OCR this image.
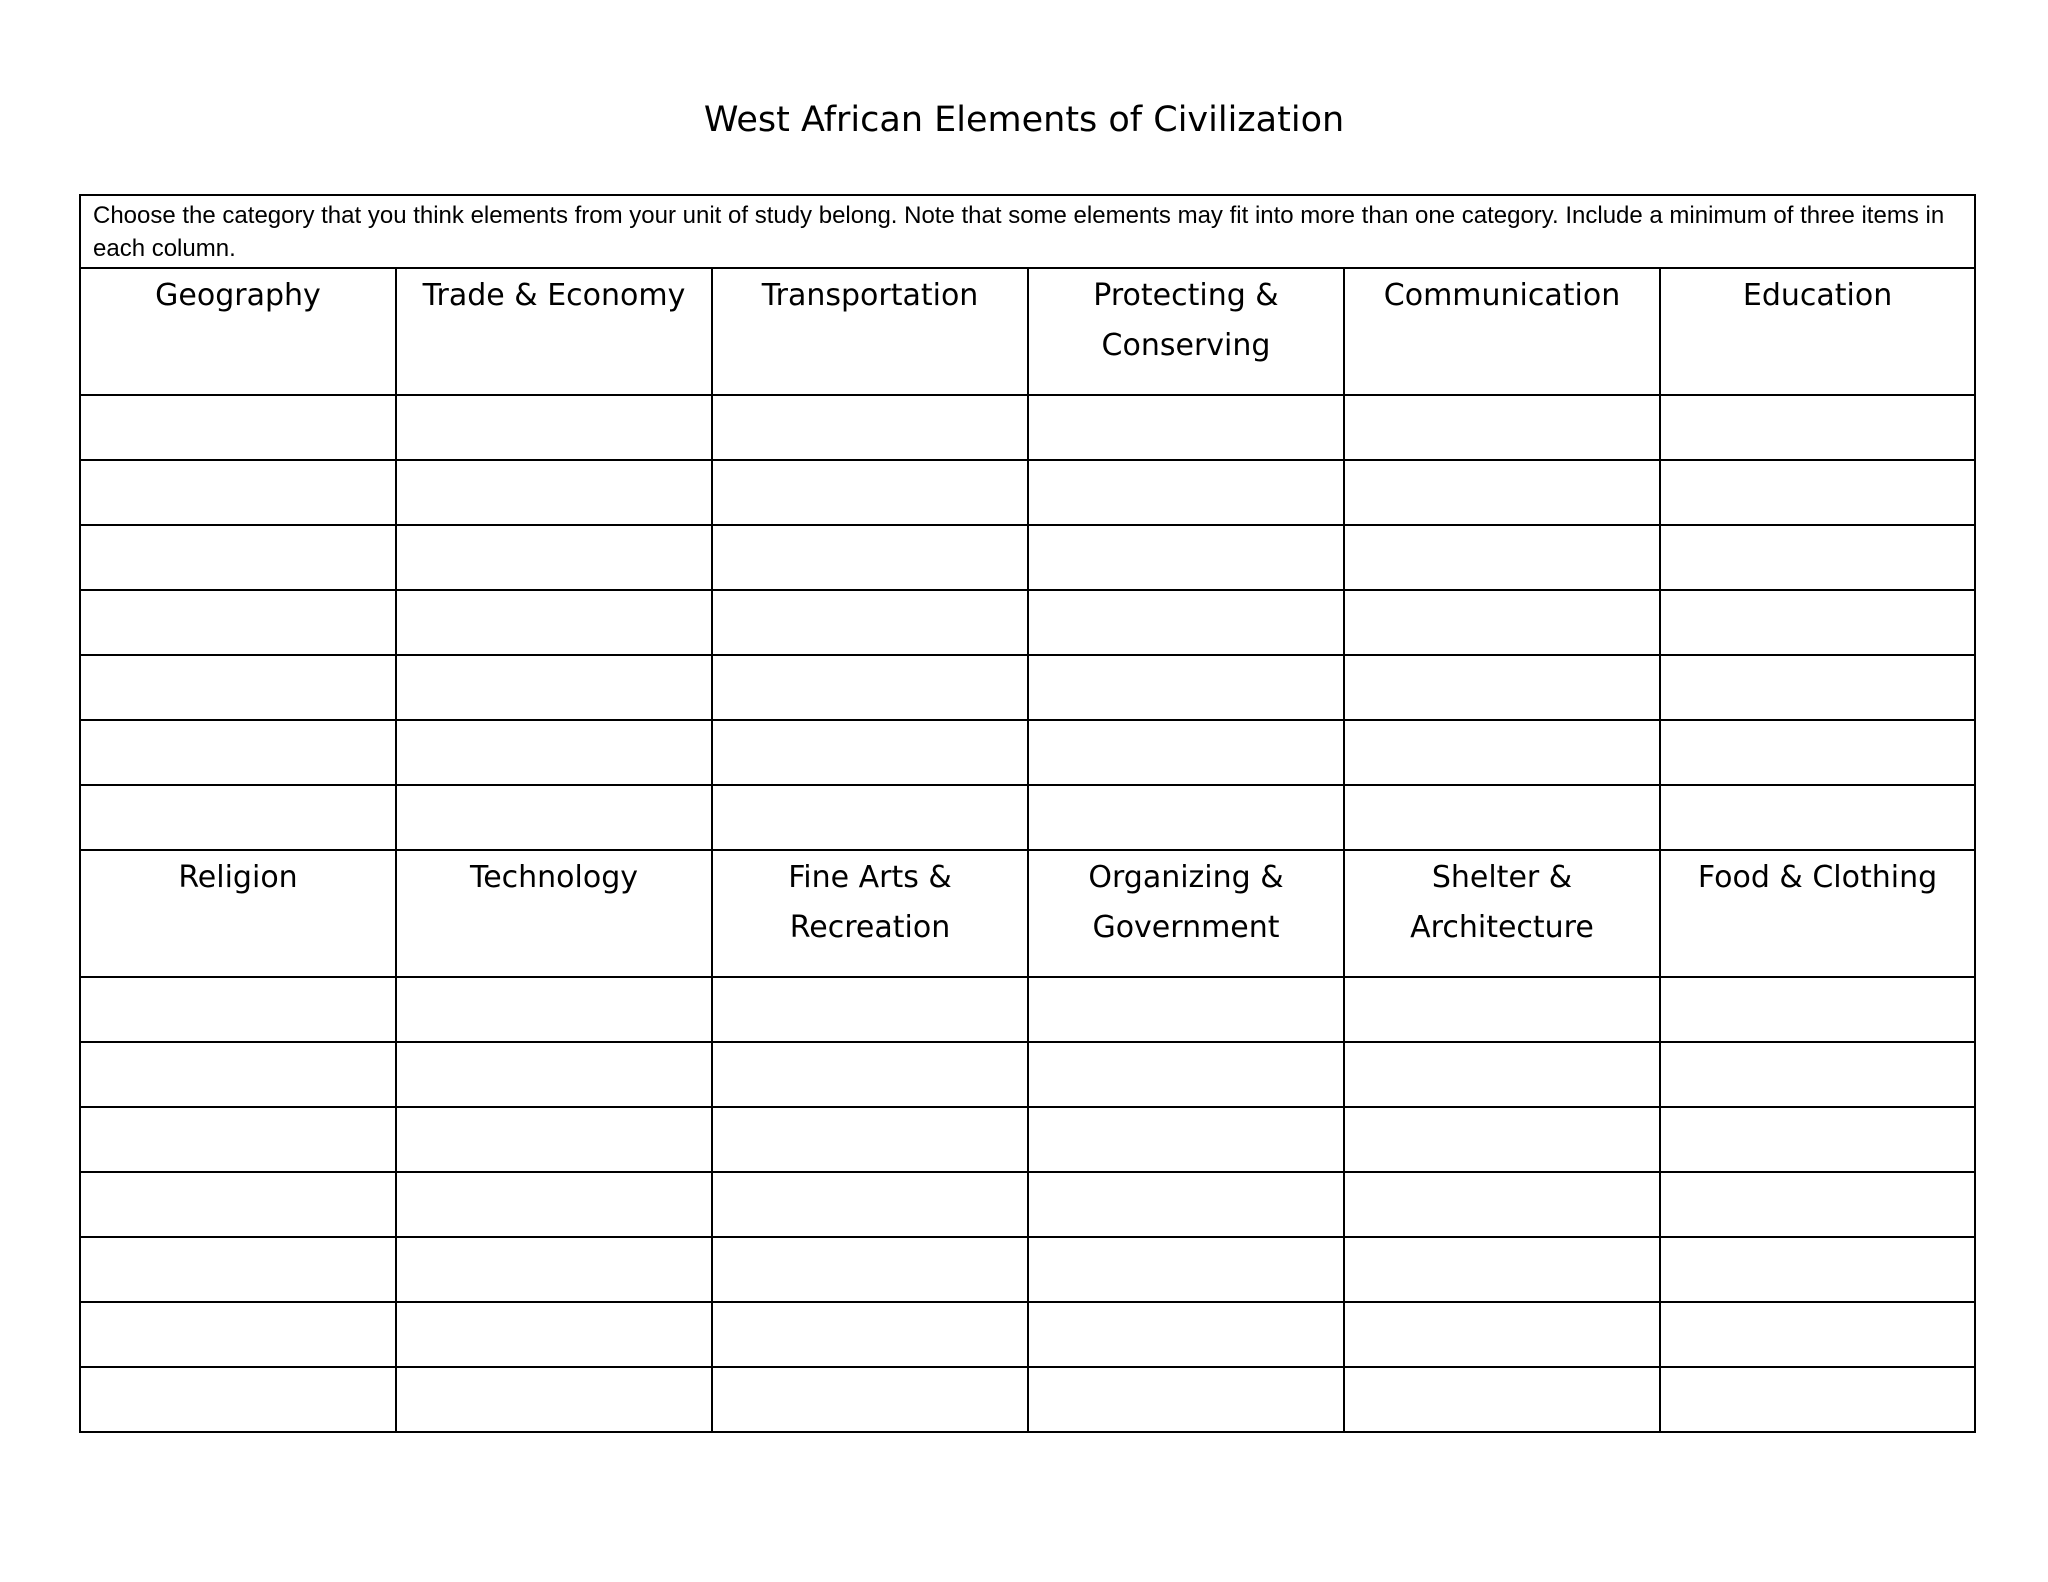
West African Elements of Civilization
Choose the category that you think elements from your unit of study belong. Note that some elements may fit into more than one category. Include a minimum of three items in each column.					
Geography	Trade & Economy	Transportation	Protecting & Conserving	Communication	Education

Religion	Technology	Fine Arts & Recreation	Organizing & Government	Shelter & Architecture	Food & Clothing
